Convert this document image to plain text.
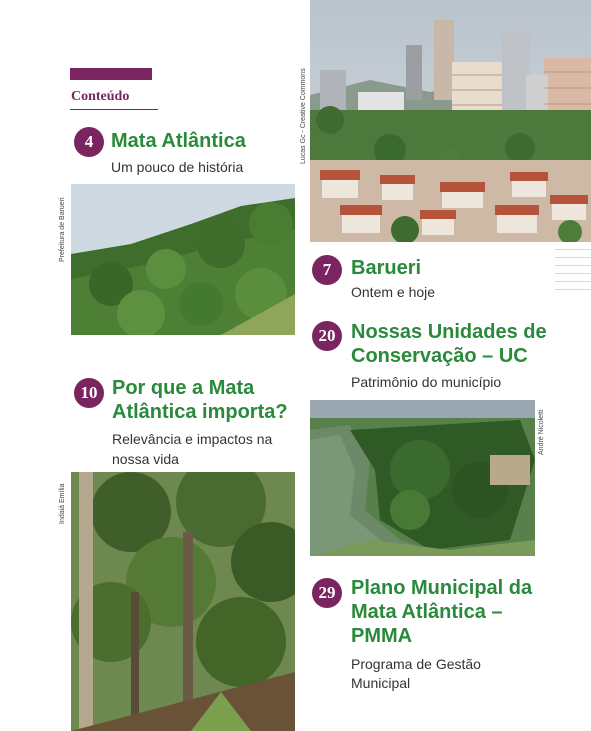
Conteúdo	Lucas Gc - Creative Commons
4 Mata Atlântica
Um pouco de história
Prefeitura de Barueri
7 Barueri
Ontem e hoje
20 Nossas Unidades de
Conservação – UC
Patrimônio do município
10 Por que a Mata
Atlântica importa?
Relevância e impactos na
nossa vida
André Nicoletti
Indaiá Emília
29 Plano Municipal da
Mata Atlântica –
PMMA
Programa de Gestão
Municipal
